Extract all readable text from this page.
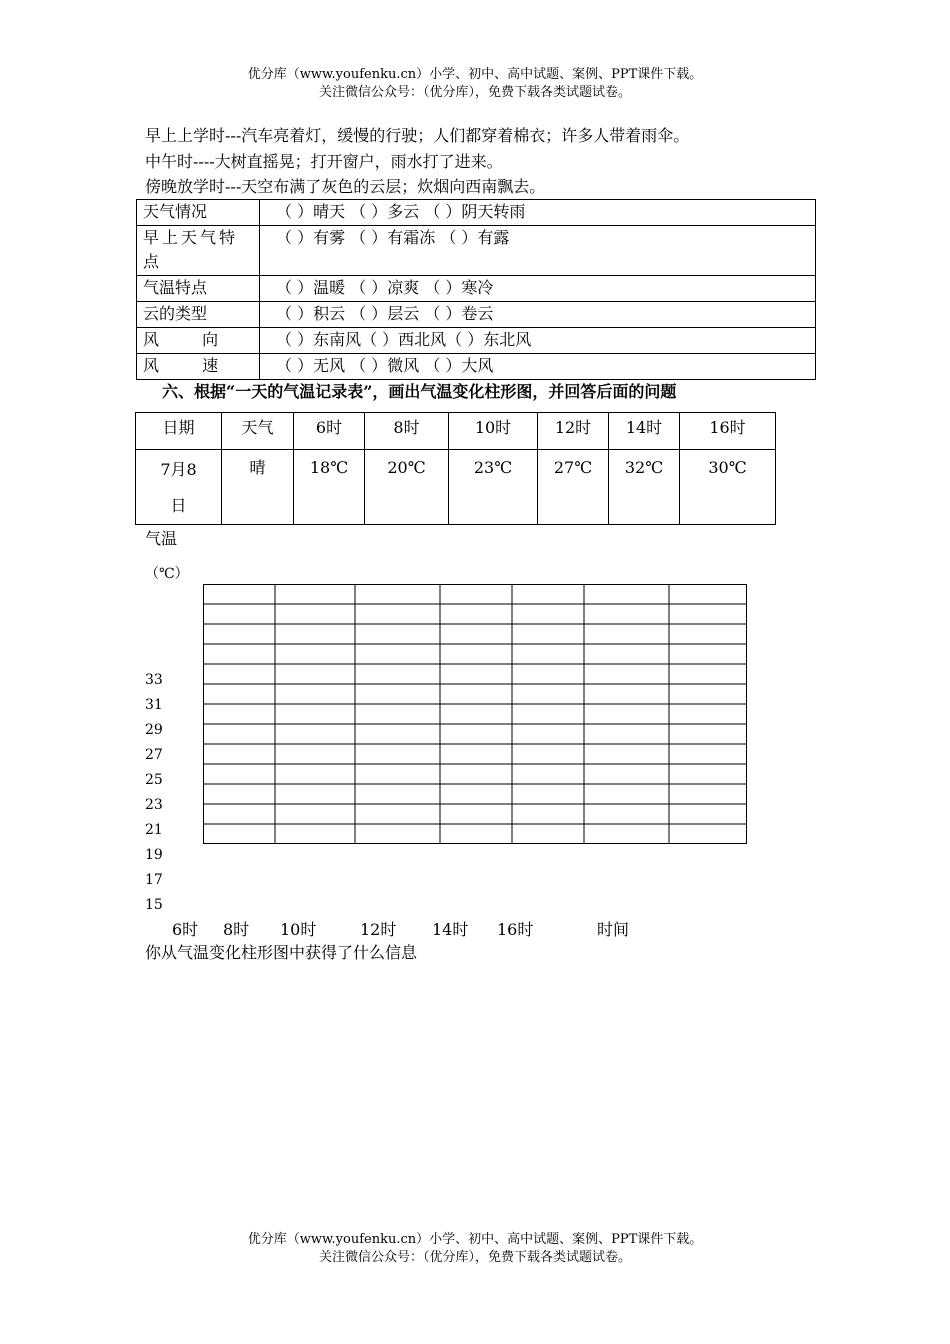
优分库（www.youfenku.cn）小学、初中、高中试题、案例、PPT课件下载。
关注微信公众号：（优分库），免费下载各类试题试卷。
早上上学时---汽车亮着灯，缓慢的行驶；人们都穿着棉衣；许多人带着雨伞。
中午时----大树直摇晃；打开窗户，雨水打了进来。
傍晚放学时---天空布满了灰色的云层；炊烟向西南飘去。
天气情况	（ ）晴天 （ ）多云 （ ）阴天转雨
早上天气特点	（ ）有雾 （ ）有霜冻 （ ）有露
气温特点	（ ）温暖 （ ）凉爽 （ ）寒冷
云的类型	（ ）积云 （ ）层云 （ ）卷云
风 向	（ ）东南风（ ）西北风（ ）东北风
风 速	（ ）无风 （ ）微风 （ ）大风
六、根据“一天的气温记录表”，画出气温变化柱形图，并回答后面的问题
日期	天气	6时	8时	10时	12时	14时	16时
7月8日	晴	18℃	20℃	23℃	27℃	32℃	30℃
气温
（℃）
33
31
29
27
25
23
21
19
17
15
6时 8时 10时	12时 14时 16时	时间
你从气温变化柱形图中获得了什么信息
优分库（www.youfenku.cn）小学、初中、高中试题、案例、PPT课件下载。
关注微信公众号：（优分库），免费下载各类试题试卷。
